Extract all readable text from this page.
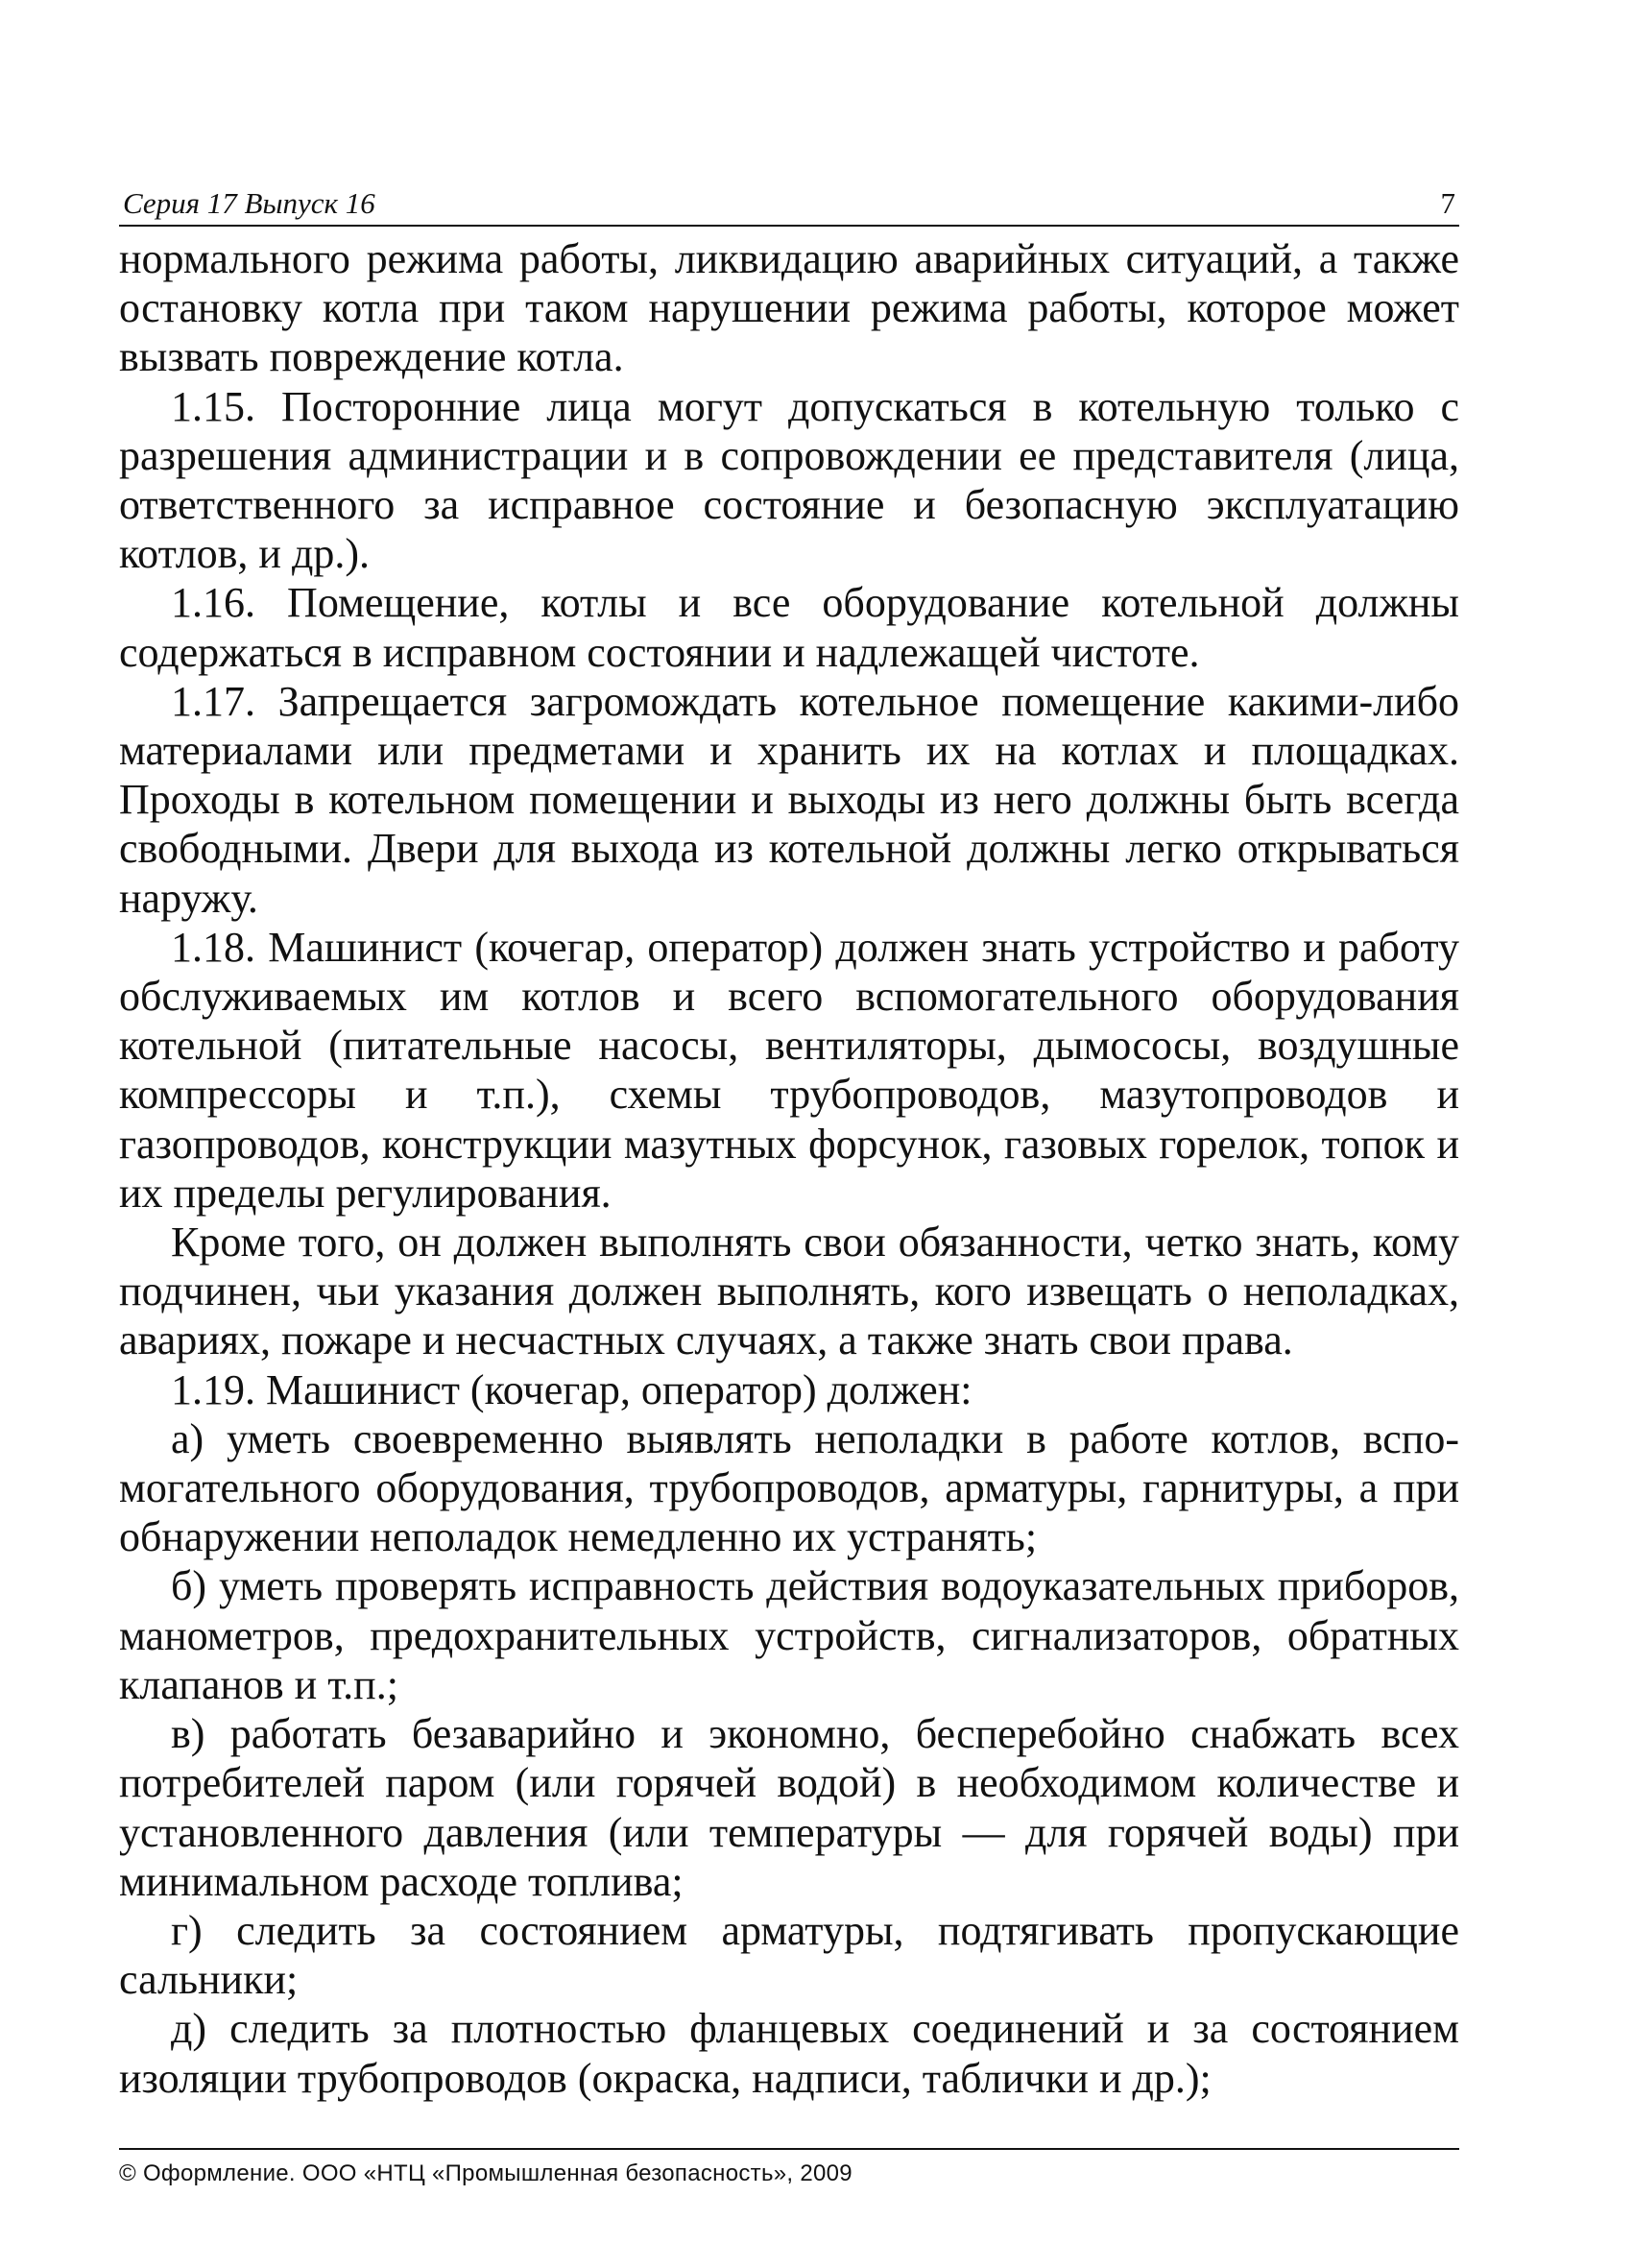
Серия 17 Выпуск 16	7

нормального режима работы, ликвидацию аварийных ситуаций, а также остановку котла при таком нарушении режима работы, которое может вызвать повреждение котла.

1.15. Посторонние лица могут допускаться в котельную только с разрешения администрации и в сопровождении ее представителя (лица, ответственного за исправное состояние и безопасную эксплуатацию котлов, и др.).

1.16. Помещение, котлы и все оборудование котельной должны содержаться в исправном состоянии и надлежащей чистоте.

1.17. Запрещается загромождать котельное помещение какими-либо материалами или предметами и хранить их на котлах и площадках. Проходы в котельном помещении и выходы из него должны быть всегда свободными. Двери для выхода из котельной должны легко открываться наружу.

1.18. Машинист (кочегар, оператор) должен знать устройство и работу обслуживаемых им котлов и всего вспомогательного оборудования котельной (питательные насосы, вентиляторы, дымососы, воздушные компрессоры и т.п.), схемы трубопроводов, мазутопроводов и газопроводов, конструкции мазутных форсунок, газовых горелок, топок и их пределы регулирования.

Кроме того, он должен выполнять свои обязанности, четко знать, кому подчинен, чьи указания должен выполнять, кого извещать о неполадках, авариях, пожаре и несчастных случаях, а также знать свои права.

1.19. Машинист (кочегар, оператор) должен:

а) уметь своевременно выявлять неполадки в работе котлов, вспомогательного оборудования, трубопроводов, арматуры, гарнитуры, а при обнаружении неполадок немедленно их устранять;

б) уметь проверять исправность действия водоуказательных приборов, манометров, предохранительных устройств, сигнализаторов, обратных клапанов и т.п.;

в) работать безаварийно и экономно, бесперебойно снабжать всех потребителей паром (или горячей водой) в необходимом количестве и установленного давления (или температуры — для горячей воды) при минимальном расходе топлива;

г) следить за состоянием арматуры, подтягивать пропускающие сальники;

д) следить за плотностью фланцевых соединений и за состоянием изоляции трубопроводов (окраска, надписи, таблички и др.);

© Оформление. ООО «НТЦ «Промышленная безопасность», 2009
